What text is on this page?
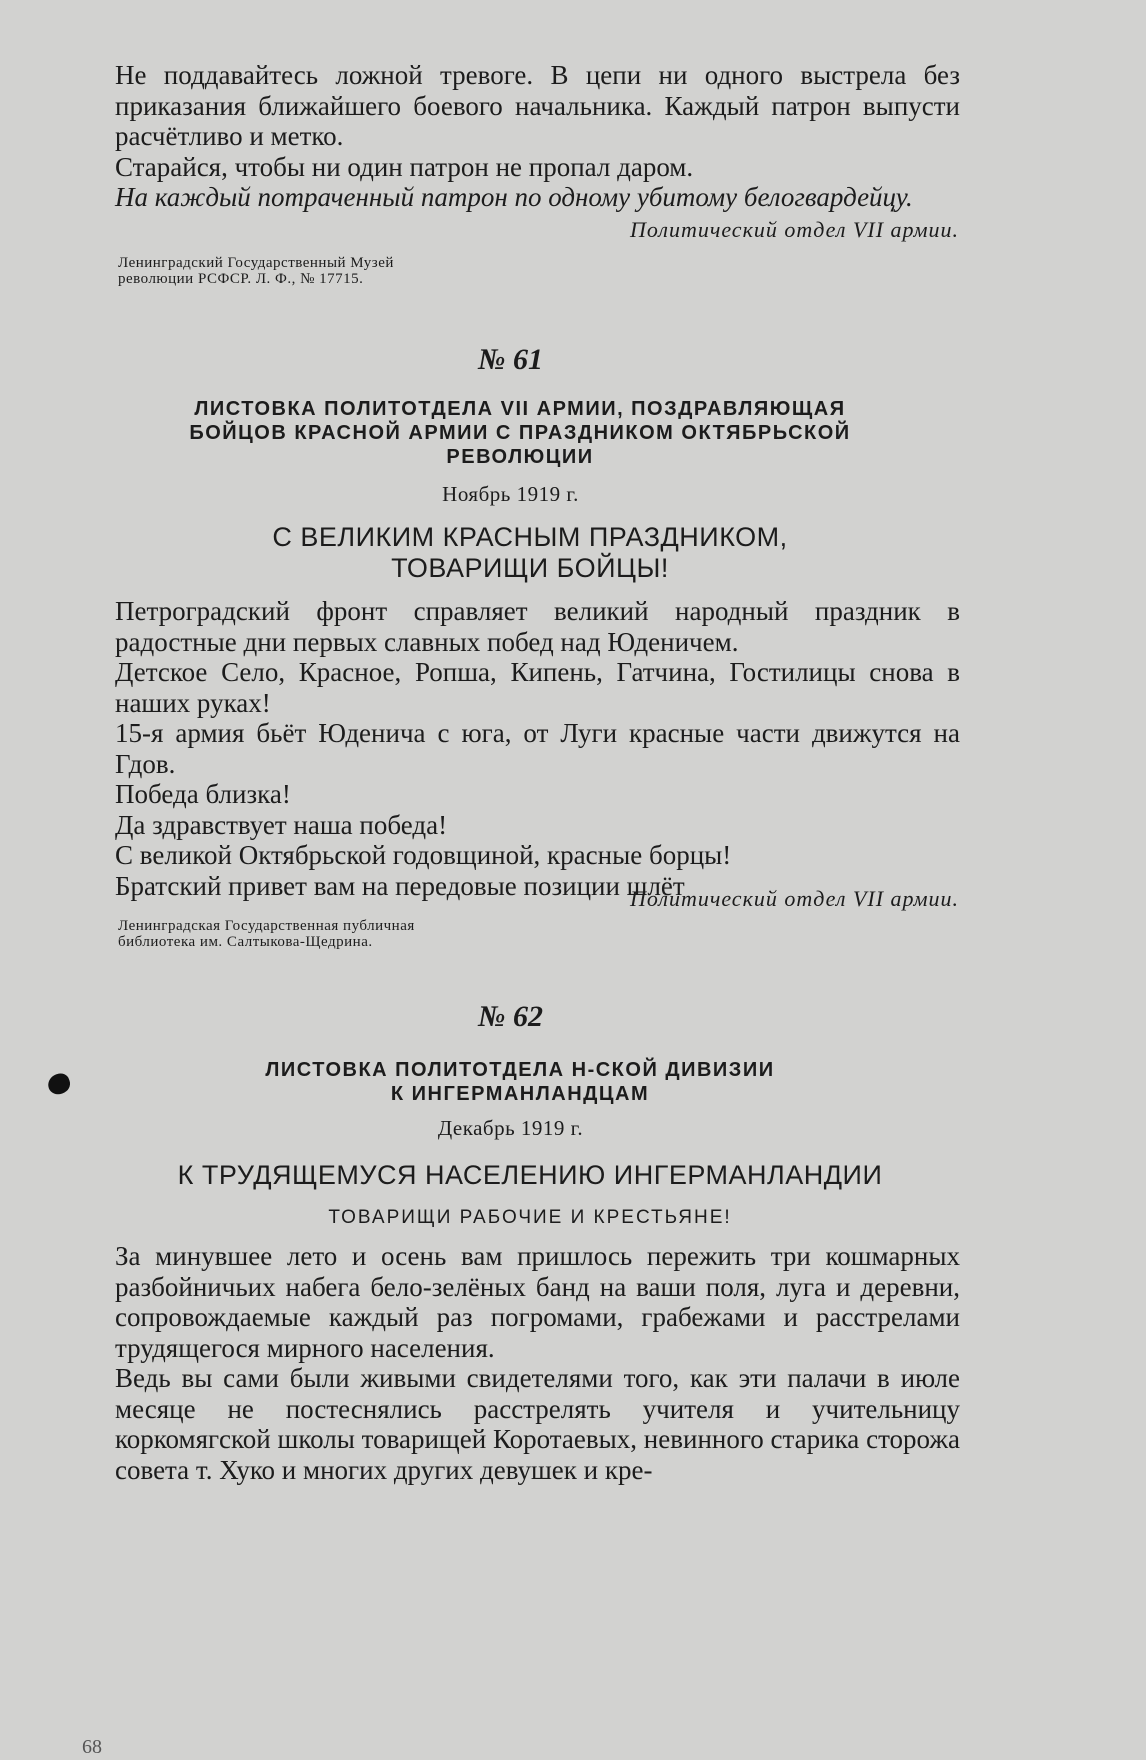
Не поддавайтесь ложной тревоге. В цепи ни одного выстрела без приказания ближайшего боевого начальника. Каждый патрон выпусти расчётливо и метко.

Старайся, чтобы ни один патрон не пропал даром.

На каждый потраченный патрон по одному убитому белогвардейцу.

Политический отдел VII армии.
Ленинградский Государственный Музей
революции РСФСР. Л. Ф., № 17715.
№ 61
ЛИСТОВКА ПОЛИТОТДЕЛА VII АРМИИ, ПОЗДРАВЛЯЮЩАЯ
БОЙЦОВ КРАСНОЙ АРМИИ С ПРАЗДНИКОМ ОКТЯБРЬСКОЙ
РЕВОЛЮЦИИ
Ноябрь 1919 г.
С ВЕЛИКИМ КРАСНЫМ ПРАЗДНИКОМ,
ТОВАРИЩИ БОЙЦЫ!

Петроградский фронт справляет великий народный праздник в радостные дни первых славных побед над Юденичем.

Детское Село, Красное, Ропша, Кипень, Гатчина, Гостилицы снова в наших руках!

15-я армия бьёт Юденича с юга, от Луги красные части движутся на Гдов.

Победа близка!

Да здравствует наша победа!

С великой Октябрьской годовщиной, красные борцы!

Братский привет вам на передовые позиции шлёт

Политический отдел VII армии.
Ленинградская Государственная публичная
библиотека им. Салтыкова-Щедрина.
№ 62
ЛИСТОВКА ПОЛИТОТДЕЛА Н-СКОЙ ДИВИЗИИ
К ИНГЕРМАНЛАНДЦАМ
Декабрь 1919 г.
К ТРУДЯЩЕМУСЯ НАСЕЛЕНИЮ ИНГЕРМАНЛАНДИИ
ТОВАРИЩИ РАБОЧИЕ И КРЕСТЬЯНЕ!

За минувшее лето и осень вам пришлось пережить три кошмарных разбойничьих набега бело-зелёных банд на ваши поля, луга и деревни, сопровождаемые каждый раз погромами, грабежами и расстрелами трудящегося мирного населения.

Ведь вы сами были живыми свидетелями того, как эти палачи в июле месяце не постеснялись расстрелять учителя и учительницу коркомягской школы товарищей Коротаевых, невинного старика сторожа совета т. Хуко и многих других девушек и кре-

68
